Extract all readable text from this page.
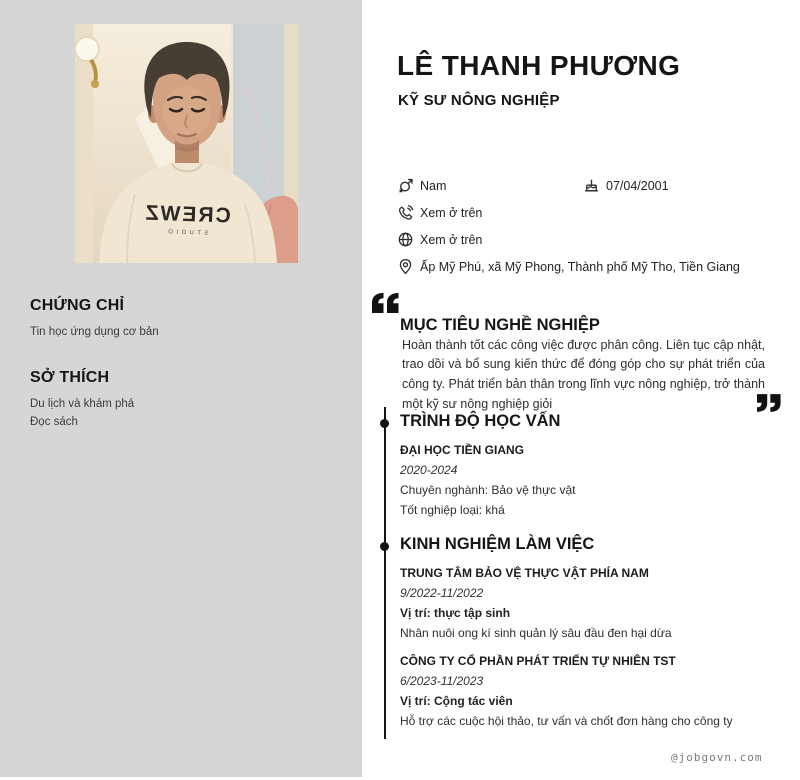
CREWZ
STUDIO
CHỨNG CHỈ
Tin học ứng dụng cơ bản
SỞ THÍCH
Du lịch và khám phá
Đọc sách
LÊ THANH PHƯƠNG
KỸ SƯ NÔNG NGHIỆP
Nam	07/04/2001
Xem ở trên
Xem ở trên
Ấp Mỹ Phú, xã Mỹ Phong, Thành phố Mỹ Tho, Tiền Giang
MỤC TIÊU NGHỀ NGHIỆP

Hoàn thành tốt các công việc được phân công. Liên tục cập nhật, trao dồi và bổ sung kiến thức để đóng góp cho sự phát triển của công ty. Phát triển bản thân trong lĩnh vực nông nghiệp, trở thành một kỹ sư nông nghiệp giỏi

TRÌNH ĐỘ HỌC VẤN
ĐẠI HỌC TIỀN GIANG
2020-2024
Chuyên nghành: Bảo vệ thực vật
Tốt nghiệp loại: khá
KINH NGHIỆM LÀM VIỆC
TRUNG TÂM BẢO VỆ THỰC VẬT PHÍA NAM
9/2022-11/2022
Vị trí: thực tập sinh
Nhân nuôi ong kí sinh quản lý sâu đầu đen hại dừa
CÔNG TY CỔ PHẦN PHÁT TRIỂN TỰ NHIÊN TST
6/2023-11/2023
Vị trí: Cộng tác viên
Hỗ trợ các cuộc hội thảo, tư vấn và chốt đơn hàng cho công ty
@jobgovn.com
